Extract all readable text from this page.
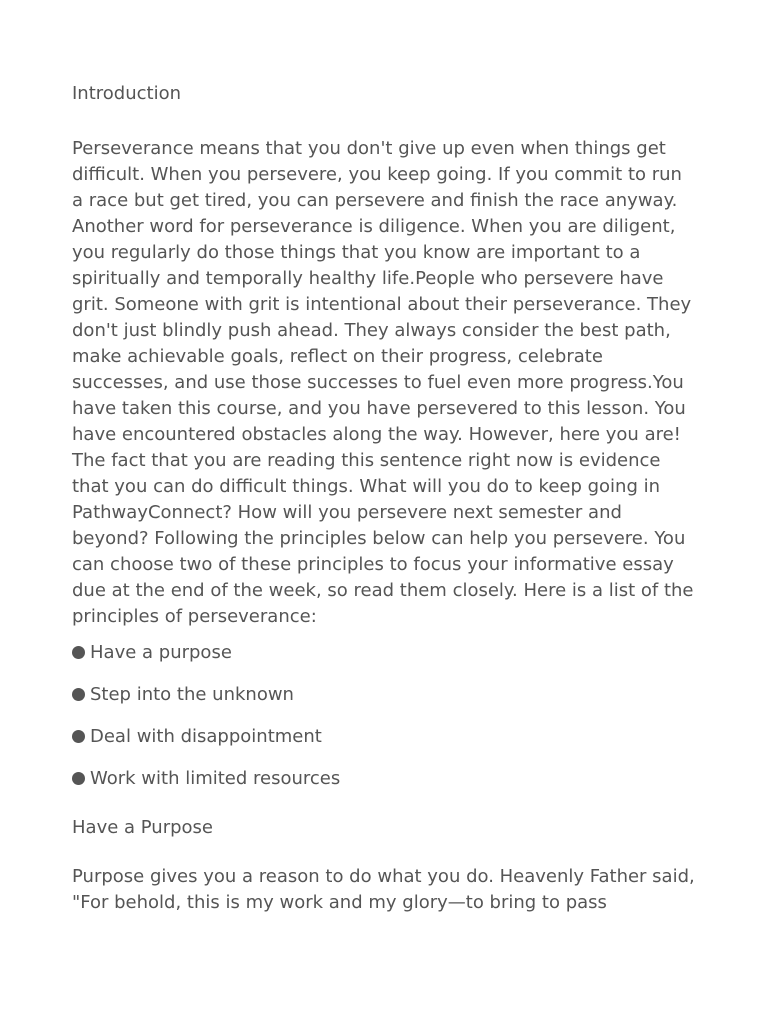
Introduction

Perseverance means that you don't give up even when things get difficult. When you persevere, you keep going. If you commit to run a race but get tired, you can persevere and finish the race anyway. Another word for perseverance is diligence. When you are diligent, you regularly do those things that you know are important to a spiritually and temporally healthy life.People who persevere have grit. Someone with grit is intentional about their perseverance. They don't just blindly push ahead. They always consider the best path, make achievable goals, reflect on their progress, celebrate successes, and use those successes to fuel even more progress.You have taken this course, and you have persevered to this lesson. You have encountered obstacles along the way. However, here you are! The fact that you are reading this sentence right now is evidence that you can do difficult things. What will you do to keep going in PathwayConnect? How will you persevere next semester and beyond? Following the principles below can help you persevere. You can choose two of these principles to focus your informative essay due at the end of the week, so read them closely. Here is a list of the principles of perseverance:

Have a purpose
Step into the unknown
Deal with disappointment
Work with limited resources
Have a Purpose

Purpose gives you a reason to do what you do. Heavenly Father said, "For behold, this is my work and my glory—to bring to pass
